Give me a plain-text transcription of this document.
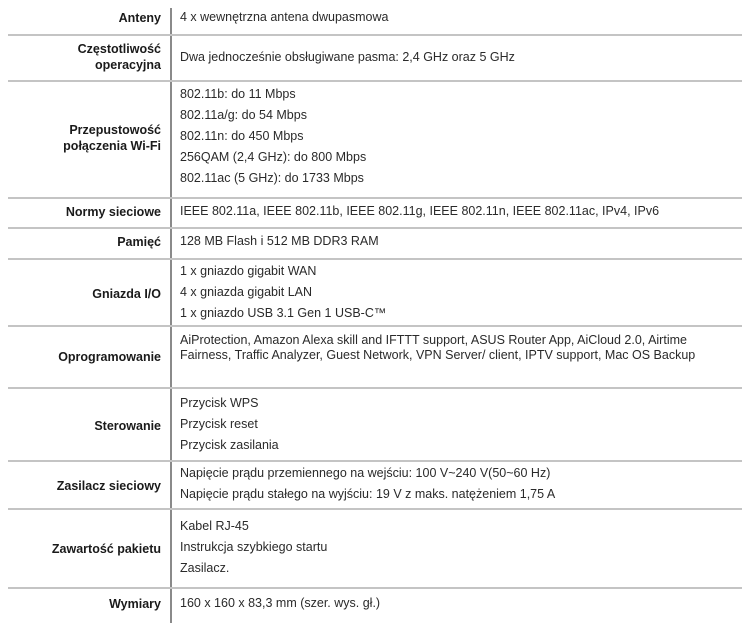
Anteny 4 x wewnętrzna antena dwupasmowa
Częstotliwość
operacyjna
Dwa jednocześnie obsługiwane pasma: 2,4 GHz oraz 5 GHz
Przepustowość
połączenia Wi-Fi
802.11b: do 11 Mbps
802.11a/g: do 54 Mbps
802.11n: do 450 Mbps
256QAM (2,4 GHz): do 800 Mbps
802.11ac (5 GHz): do 1733 Mbps
Normy sieciowe IEEE 802.11a, IEEE 802.11b, IEEE 802.11g, IEEE 802.11n, IEEE 802.11ac, IPv4, IPv6
Pamięć 128 MB Flash i 512 MB DDR3 RAM
Gniazda I/O
1 x gniazdo gigabit WAN
4 x gniazda gigabit LAN
1 x gniazdo USB 3.1 Gen 1 USB-C™
Oprogramowanie
AiProtection, Amazon Alexa skill and IFTTT support, ASUS Router App, AiCloud 2.0, Airtime Fairness, Traffic Analyzer, Guest Network, VPN Server/ client, IPTV support, Mac OS Backup
Sterowanie
Przycisk WPS
Przycisk reset
Przycisk zasilania
Zasilacz sieciowy
Napięcie prądu przemiennego na wejściu: 100 V~240 V(50~60 Hz)
Napięcie prądu stałego na wyjściu: 19 V z maks. natężeniem 1,75 A
Zawartość pakietu
Kabel RJ-45
Instrukcja szybkiego startu
Zasilacz.
Wymiary 160 x 160 x 83,3 mm (szer. wys. gł.)
